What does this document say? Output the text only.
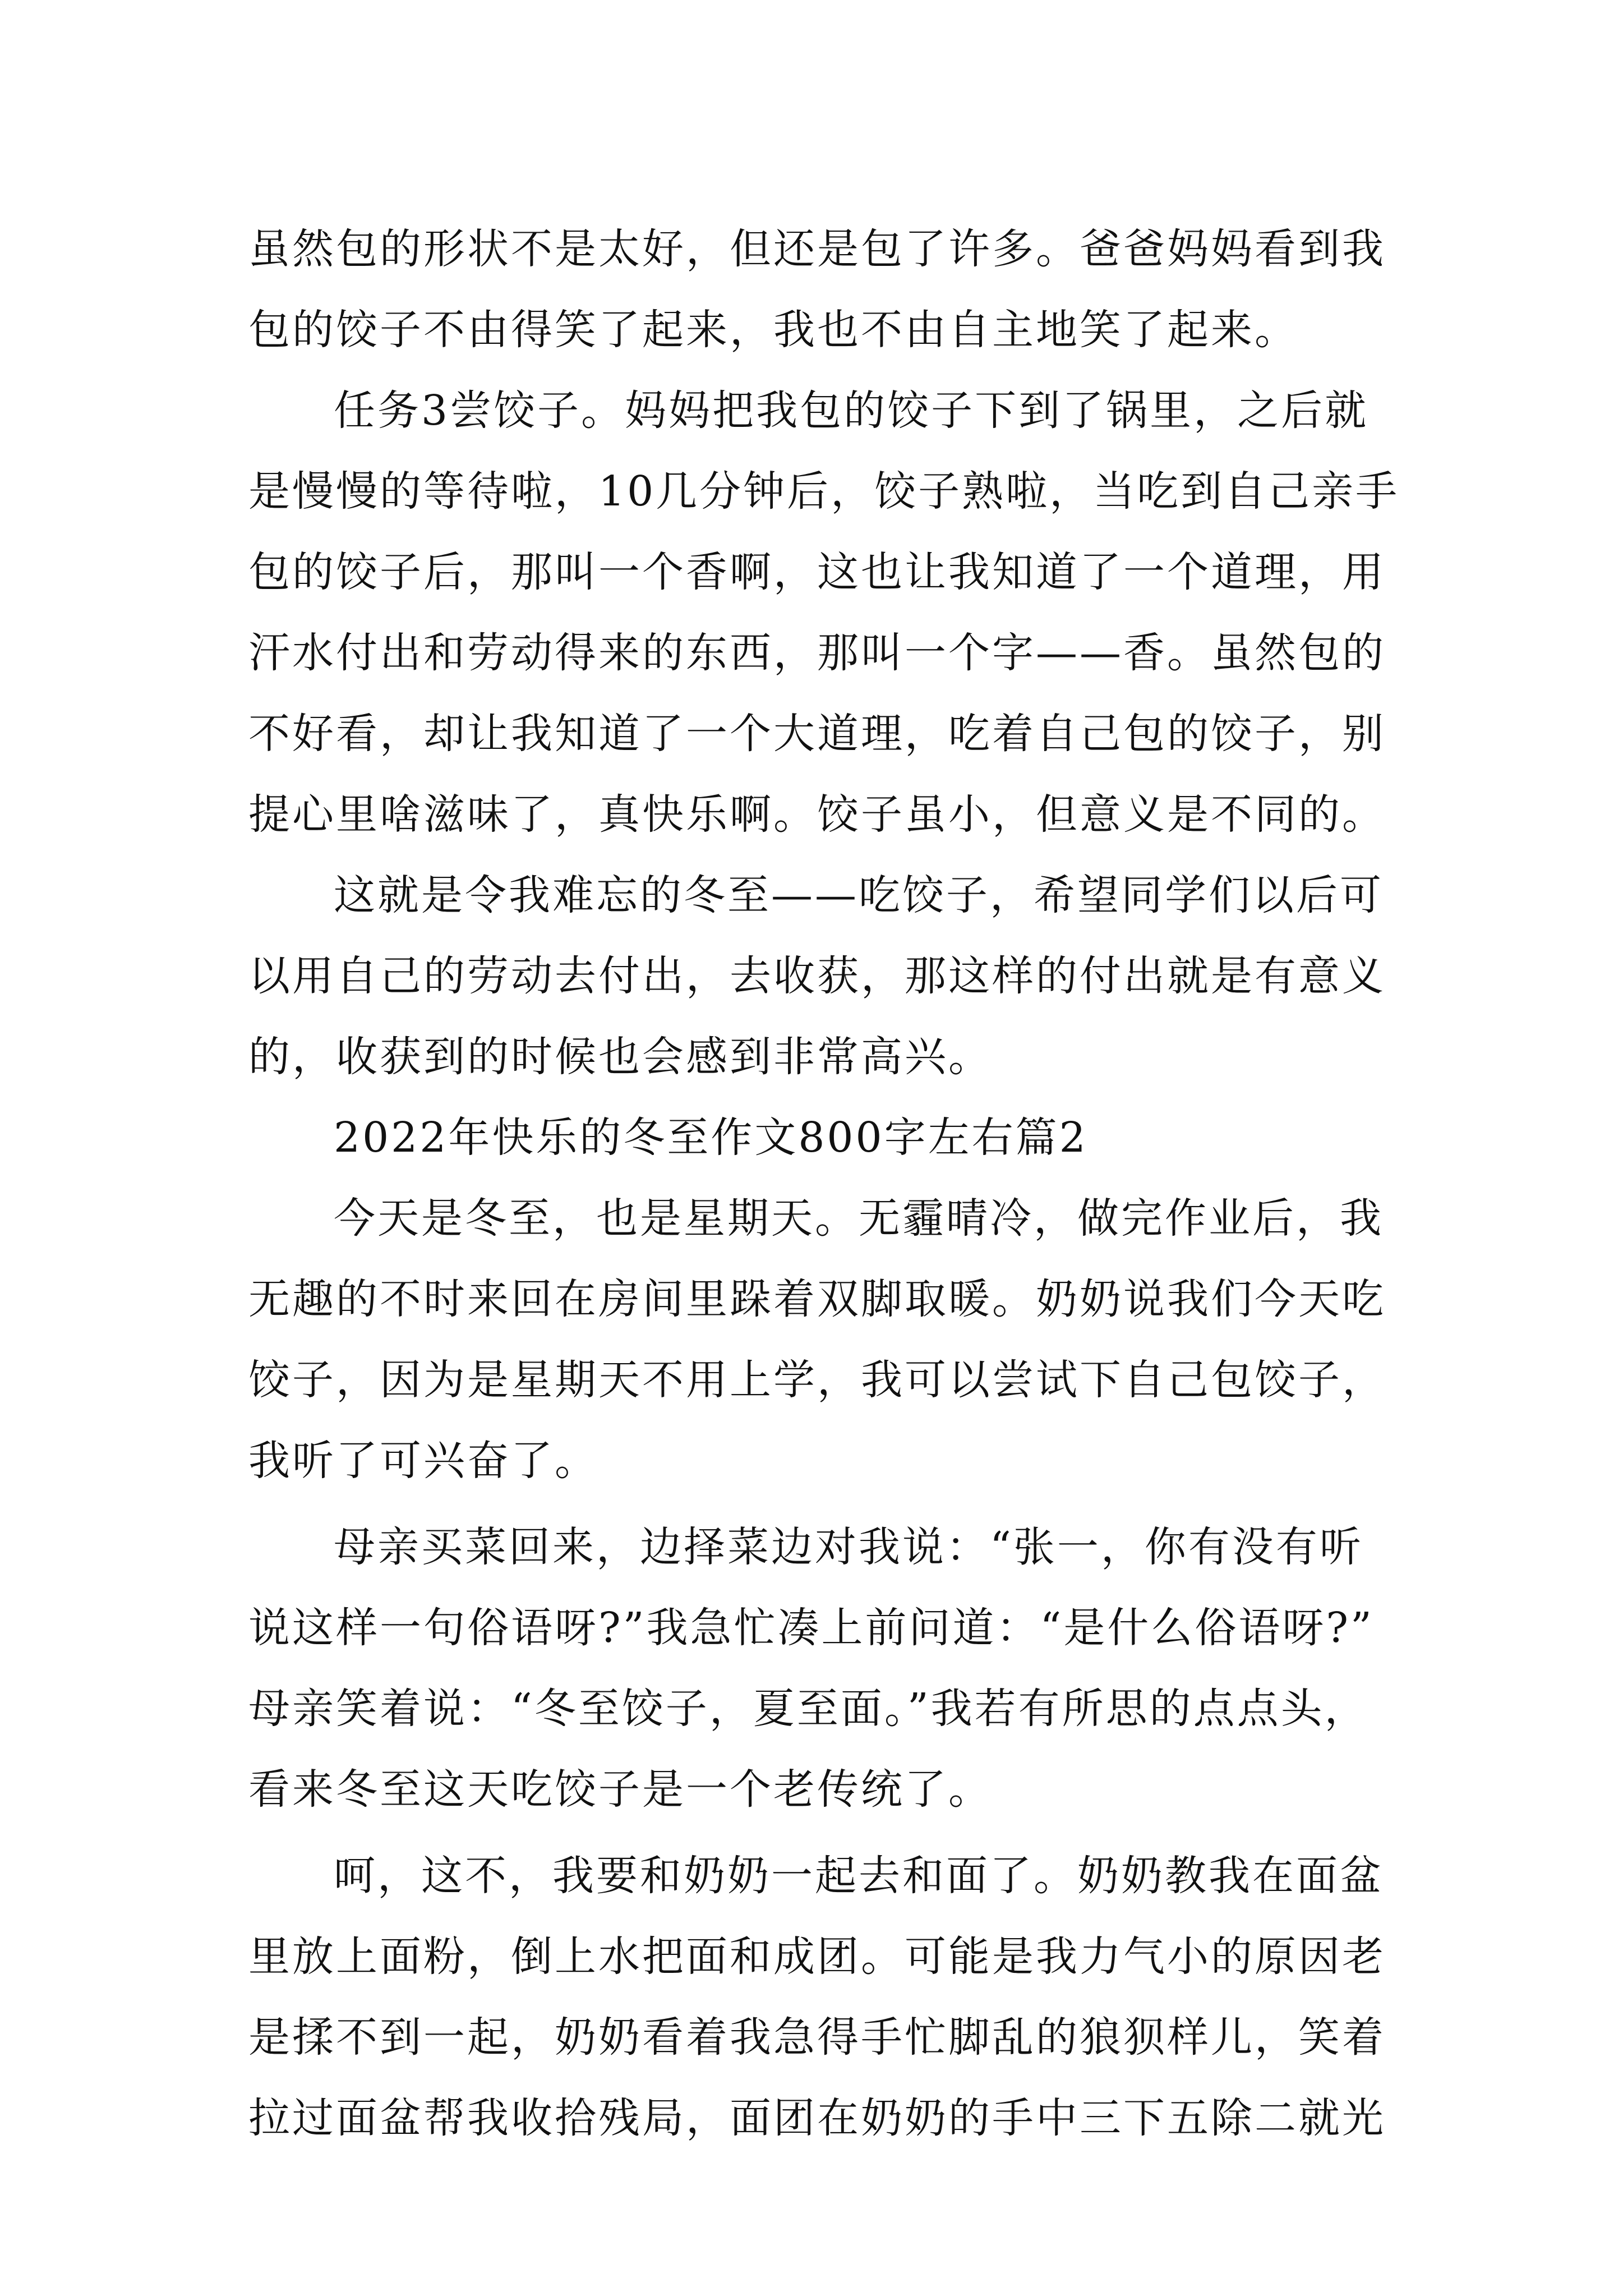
虽然包的形状不是太好，但还是包了许多。爸爸妈妈看到我
包的饺子不由得笑了起来，我也不由自主地笑了起来。
任务3尝饺子。妈妈把我包的饺子下到了锅里，之后就
是慢慢的等待啦，10几分钟后，饺子熟啦，当吃到自己亲手
包的饺子后，那叫一个香啊，这也让我知道了一个道理，用
汗水付出和劳动得来的东西，那叫一个字——香。虽然包的
不好看，却让我知道了一个大道理，吃着自己包的饺子，别
提心里啥滋味了，真快乐啊。饺子虽小，但意义是不同的。
这就是令我难忘的冬至——吃饺子，希望同学们以后可
以用自己的劳动去付出，去收获，那这样的付出就是有意义
的，收获到的时候也会感到非常高兴。
2022年快乐的冬至作文800字左右篇2
今天是冬至，也是星期天。无霾晴冷，做完作业后，我
无趣的不时来回在房间里跺着双脚取暖。奶奶说我们今天吃
饺子，因为是星期天不用上学，我可以尝试下自己包饺子，
我听了可兴奋了。
母亲买菜回来，边择菜边对我说：“张一，你有没有听
说这样一句俗语呀?”我急忙凑上前问道：“是什么俗语呀?”
母亲笑着说：“冬至饺子，夏至面。”我若有所思的点点头，
看来冬至这天吃饺子是一个老传统了。
呵，这不，我要和奶奶一起去和面了。奶奶教我在面盆
里放上面粉，倒上水把面和成团。可能是我力气小的原因老
是揉不到一起，奶奶看着我急得手忙脚乱的狼狈样儿，笑着
拉过面盆帮我收拾残局，面团在奶奶的手中三下五除二就光
